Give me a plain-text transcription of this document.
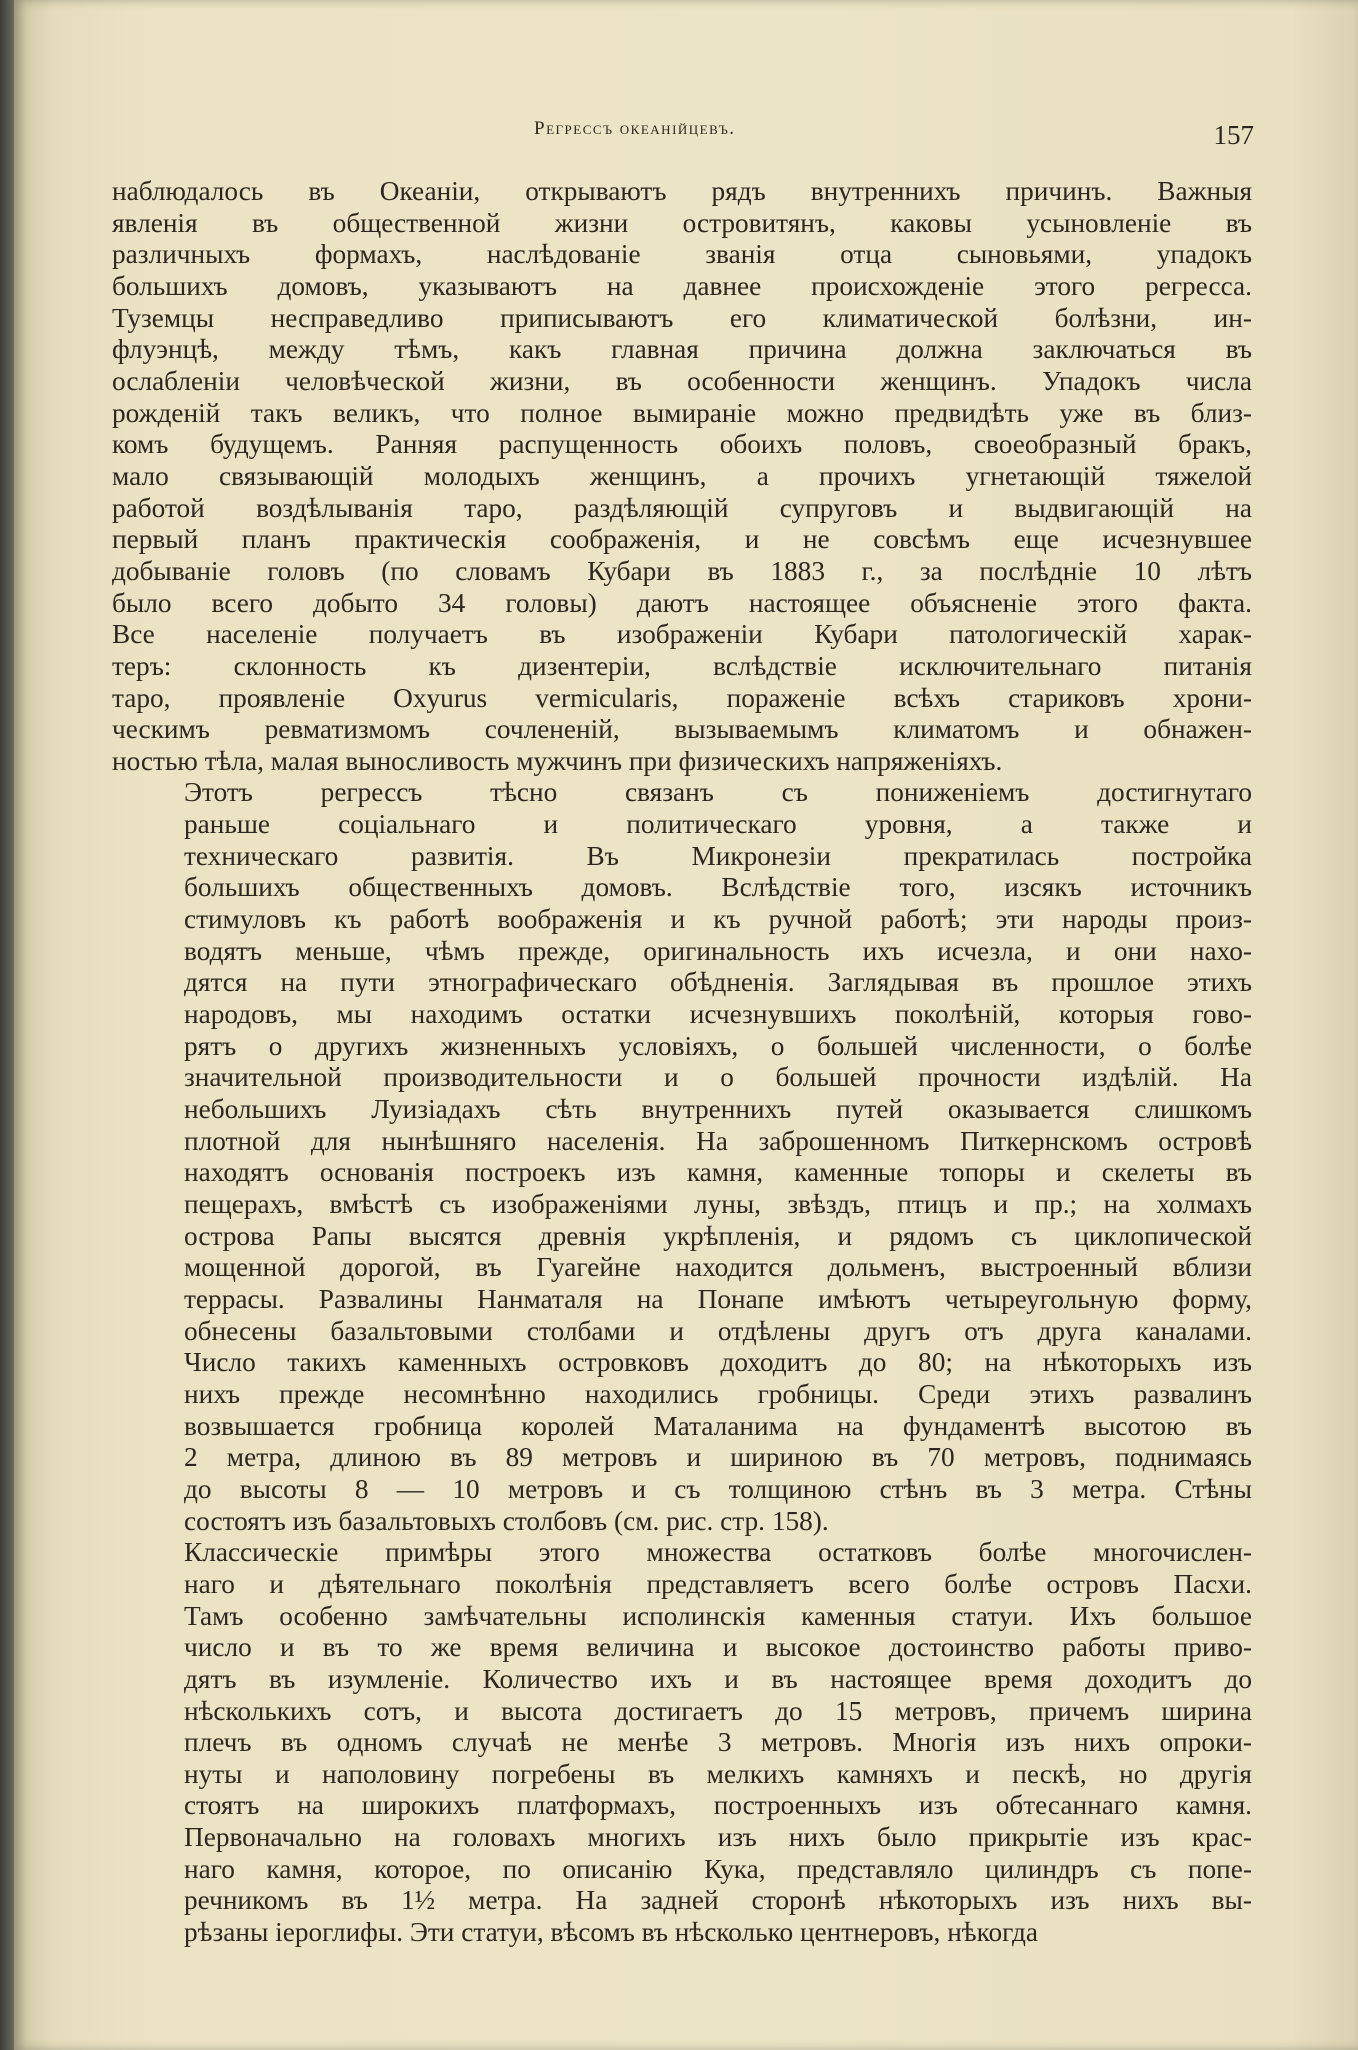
Регрессъ океанійцевъ.	157

наблюдалось въ Океаніи, открываютъ рядъ внутреннихъ причинъ. Важныя
явленія въ общественной жизни островитянъ, каковы усыновленіе въ
различныхъ формахъ, наслѣдованіе званія отца сыновьями, упадокъ
большихъ домовъ, указываютъ на давнее происхожденіе этого регресса.
Туземцы несправедливо приписываютъ его климатической болѣзни, ин-
флуэнцѣ, между тѣмъ, какъ главная причина должна заключаться въ
ослабленіи человѣческой жизни, въ особенности женщинъ. Упадокъ числа
рожденій такъ великъ, что полное вымираніе можно предвидѣть уже въ близ-
комъ будущемъ. Ранняя распущенность обоихъ половъ, своеобразный бракъ,
мало связывающій молодыхъ женщинъ, а прочихъ угнетающій тяжелой
работой воздѣлыванія таро, раздѣляющій супруговъ и выдвигающій на
первый планъ практическія соображенія, и не совсѣмъ еще исчезнувшее
добываніе головъ (по словамъ Кубари въ 1883 г., за послѣдніе 10 лѣтъ
было всего добыто 34 головы) даютъ настоящее объясненіе этого факта.
Все населеніе получаетъ въ изображеніи Кубари патологическій харак-
теръ: склонность къ дизентеріи, вслѣдствіе исключительнаго питанія
таро, проявленіе Oxyurus vermicularis, пораженіе всѣхъ стариковъ хрони-
ческимъ ревматизмомъ сочлененій, вызываемымъ климатомъ и обнажен-
ностью тѣла, малая выносливость мужчинъ при физическихъ напряженіяхъ.

Этотъ регрессъ тѣсно связанъ съ пониженіемъ достигнутаго
раньше соціальнаго и политическаго уровня, а также и
техническаго развитія. Въ Микронезіи прекратилась постройка
большихъ общественныхъ домовъ. Вслѣдствіе того, изсякъ источникъ
стимуловъ къ работѣ воображенія и къ ручной работѣ; эти народы произ-
водятъ меньше, чѣмъ прежде, оригинальность ихъ исчезла, и они нахо-
дятся на пути этнографическаго обѣдненія. Заглядывая въ прошлое этихъ
народовъ, мы находимъ остатки исчезнувшихъ поколѣній, которыя гово-
рятъ о другихъ жизненныхъ условіяхъ, о большей численности, о болѣе
значительной производительности и о большей прочности издѣлій. На
небольшихъ Луизіадахъ сѣть внутреннихъ путей оказывается слишкомъ
плотной для нынѣшняго населенія. На заброшенномъ Питкернскомъ островѣ
находятъ основанія построекъ изъ камня, каменные топоры и скелеты въ
пещерахъ, вмѣстѣ съ изображеніями луны, звѣздъ, птицъ и пр.; на холмахъ
острова Рапы высятся древнія укрѣпленія, и рядомъ съ циклопической
мощенной дорогой, въ Гуагейне находится дольменъ, выстроенный вблизи
террасы. Развалины Нанматаля на Понапе имѣютъ четыреугольную форму,
обнесены базальтовыми столбами и отдѣлены другъ отъ друга каналами.
Число такихъ каменныхъ островковъ доходитъ до 80; на нѣкоторыхъ изъ
нихъ прежде несомнѣнно находились гробницы. Среди этихъ развалинъ
возвышается гробница королей Маталанима на фундаментѣ высотою въ
2 метра, длиною въ 89 метровъ и шириною въ 70 метровъ, поднимаясь
до высоты 8 — 10 метровъ и съ толщиною стѣнъ въ 3 метра. Стѣны
состоятъ изъ базальтовыхъ столбовъ (см. рис. стр. 158).

Классическіе примѣры этого множества остатковъ болѣе многочислен-
наго и дѣятельнаго поколѣнія представляетъ всего болѣе островъ Пасхи.
Тамъ особенно замѣчательны исполинскія каменныя статуи. Ихъ большое
число и въ то же время величина и высокое достоинство работы приво-
дятъ въ изумленіе. Количество ихъ и въ настоящее время доходитъ до
нѣсколькихъ сотъ, и высота достигаетъ до 15 метровъ, причемъ ширина
плечъ въ одномъ случаѣ не менѣе 3 метровъ. Многія изъ нихъ опроки-
нуты и наполовину погребены въ мелкихъ камняхъ и пескѣ, но другія
стоятъ на широкихъ платформахъ, построенныхъ изъ обтесаннаго камня.
Первоначально на головахъ многихъ изъ нихъ было прикрытіе изъ крас-
наго камня, которое, по описанію Кука, представляло цилиндръ съ попе-
речникомъ въ 1½ метра. На задней сторонѣ нѣкоторыхъ изъ нихъ вы-
рѣзаны іероглифы. Эти статуи, вѣсомъ въ нѣсколько центнеровъ, нѣкогда
